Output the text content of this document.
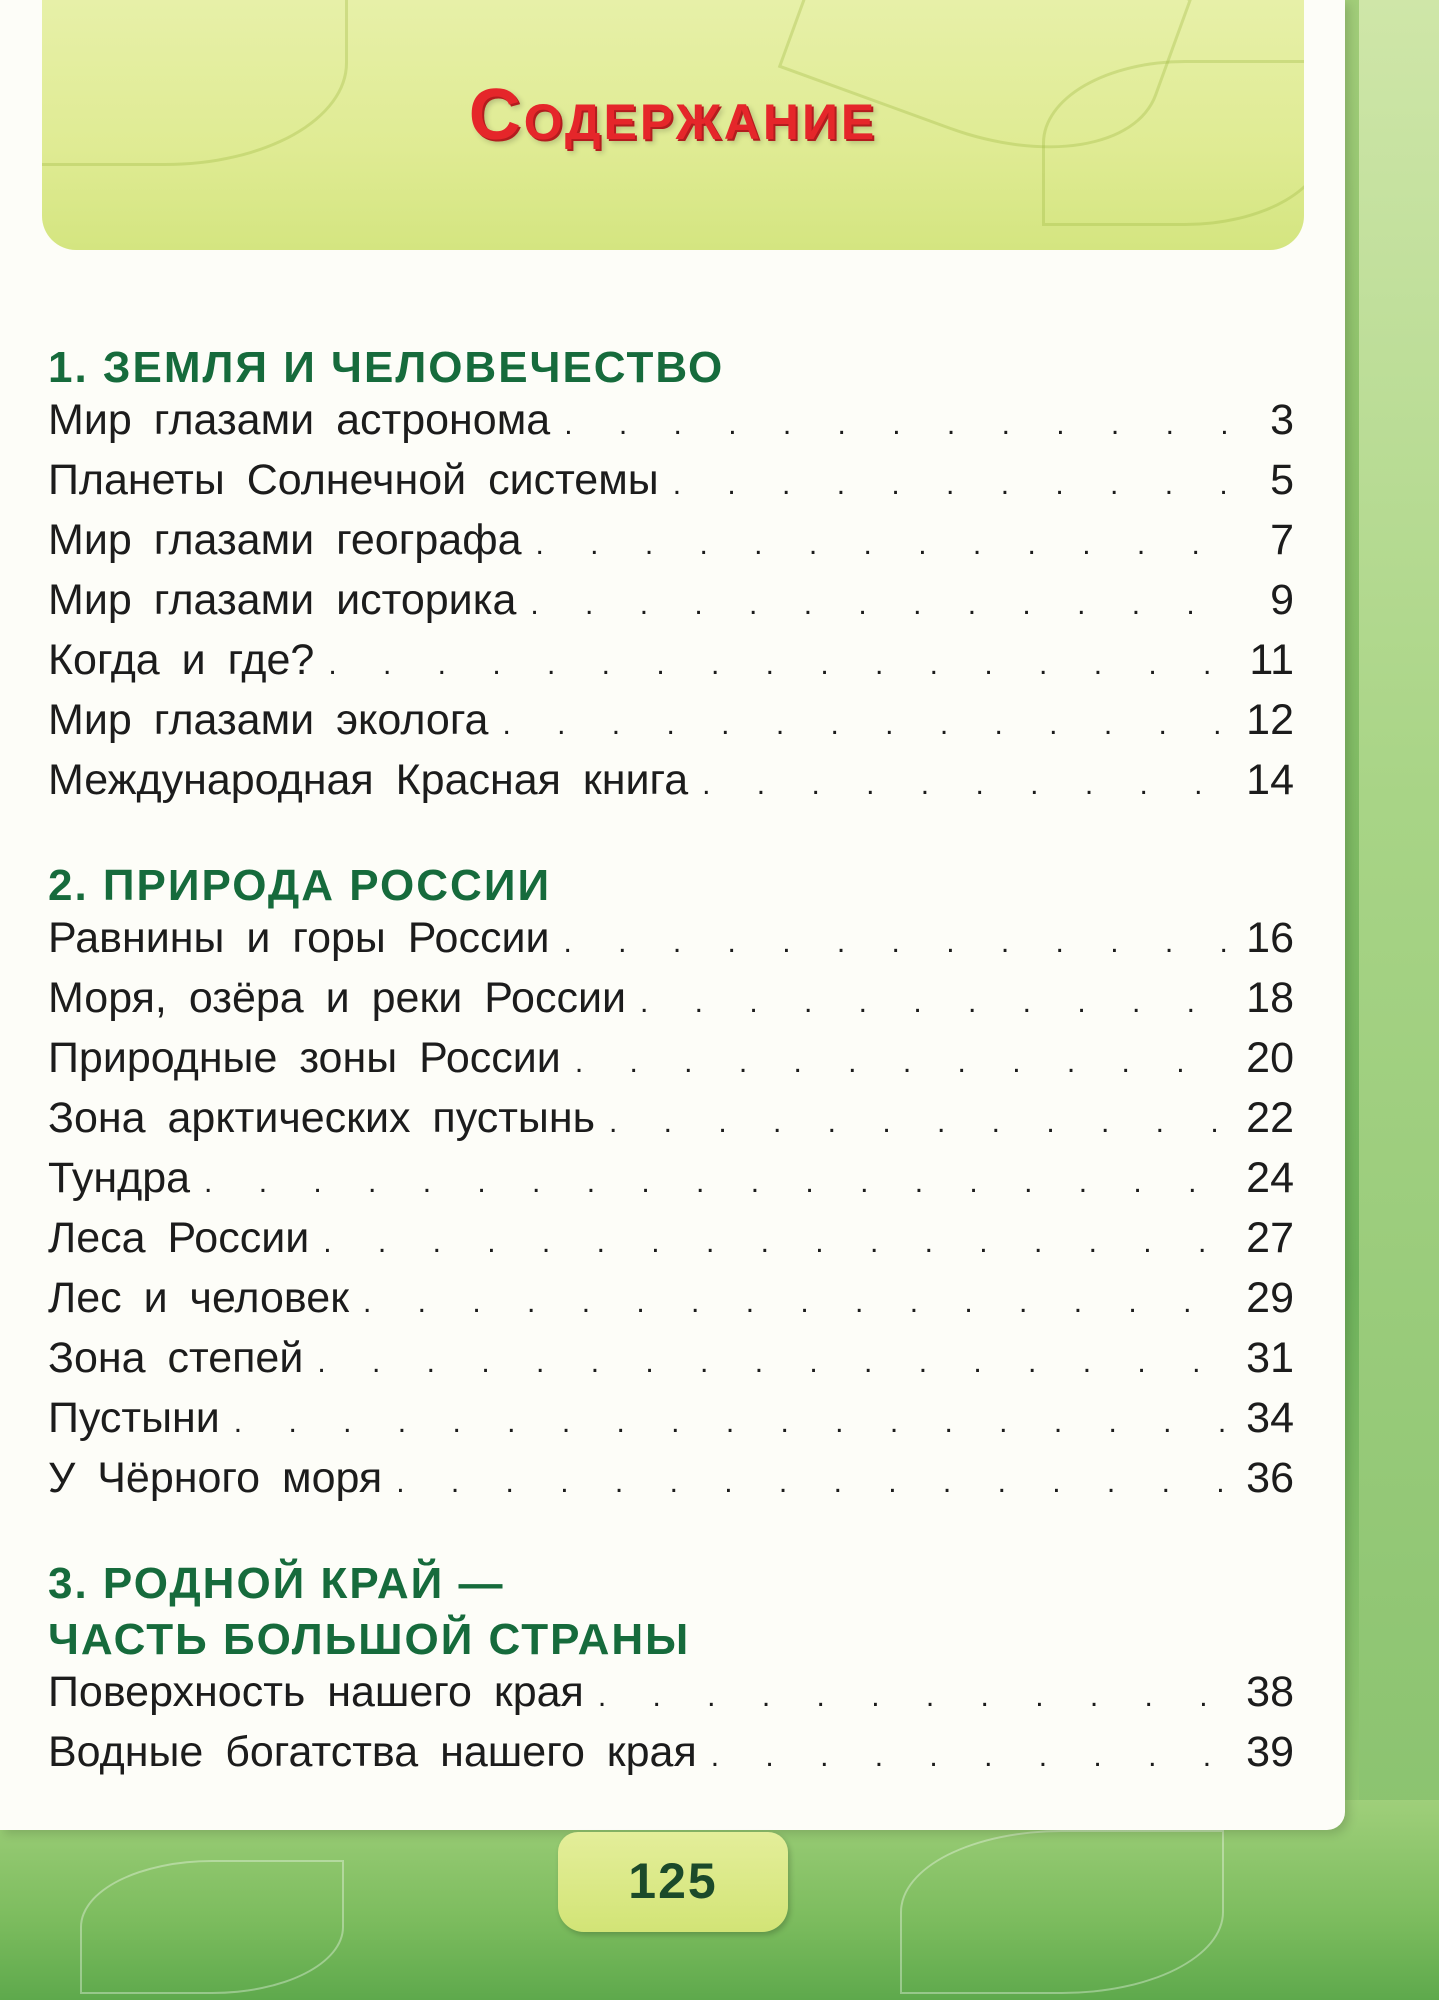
Содержание
1. ЗЕМЛЯ И ЧЕЛОВЕЧЕСТВО
Мир глазами астронома . . .	3
Планеты Солнечной системы . . .	5
Мир глазами географа . . .	7
Мир глазами историка . . .	9
Когда и где? . . .	11
Мир глазами эколога . . .	12
Международная Красная книга . . .	14
2. ПРИРОДА РОССИИ
Равнины и горы России . . .	16
Моря, озёра и реки России . . .	18
Природные зоны России . . .	20
Зона арктических пустынь . . .	22
Тундра . . .	24
Леса России . . .	27
Лес и человек . . .	29
Зона степей . . .	31
Пустыни . . .	34
У Чёрного моря . . .	36
3. РОДНОЙ КРАЙ —
ЧАСТЬ БОЛЬШОЙ СТРАНЫ
Поверхность нашего края . . .	38
Водные богатства нашего края . . .	39
125
